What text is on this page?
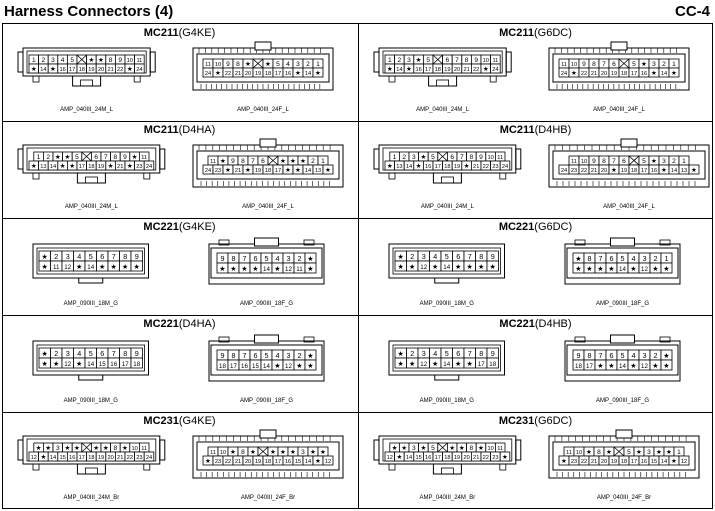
Harness Connectors (4)	CC-4
MC211(G4KE)
1 2 3 4 5 ★ ★ 8 9 10 11
★ 14 ★ 16 17 18 19 20 21 22 ★ 24
AMP_040III_24M_L
11 10 9 8 ★ ★ 5 4 3 2 1
24 ★ 22 21 20 19 18 17 16 ★ 14 ★
AMP_040III_24F_L
MC211(G6DC)
1 2 3 ★ 5 6 7 8 9 10 11
★ 14 ★ 16 17 18 19 20 21 22 ★ 24
AMP_040III_24M_L
11 10 9 8 7 6 5 ★ 3 2 1
24 ★ 22 21 20 19 18 17 16 ★ 14 ★
AMP_040III_24F_L
MC211(D4HA)
1 2 ★ ★ 5 6 7 8 9 ★ 11
★ 13 14 ★ ★ 17 18 19 ★ 21 ★ 23 24
AMP_040III_24M_L
11 ★ 9 8 7 6 ★ ★ ★ 2 1
24 23 ★ 21 ★ 19 18 17 ★ ★ 14 13 ★
AMP_040III_24F_L
MC211(D4HB)
1 2 3 ★ 5 6 7 8 9 10 11
★ 13 14 ★ 16 17 18 19 ★ 21 22 23 24
AMP_040III_24M_L
11 10 9 8 7 6 5 ★ 3 2 1
24 23 22 21 20 ★ 19 18 17 16 ★ 14 13 ★
AMP_040III_24F_L
MC221(G4KE)
★ 2 3 4 5 6 7 8 9
★ 11 12 ★ 14 ★ ★ ★ ★
AMP_090III_18M_G
9 8 7 6 5 4 3 2 ★
★ ★ ★ ★ 14 ★ 12 11 ★
AMP_090III_18F_G
MC221(G6DC)
★ 2 3 4 5 6 7 8 9
★ ★ 12 ★ 14 ★ ★ ★ ★
AMP_090III_18M_G
★ 8 7 6 5 4 3 2 1
★ ★ ★ ★ 14 ★ 12 ★ ★
AMP_090III_18F_G
MC221(D4HA)
★ 2 3 4 5 6 7 8 9
★ ★ 12 ★ 14 15 16 17 18
AMP_090III_18M_G
9 8 7 6 5 4 3 2 ★
18 17 16 15 14 ★ 12 ★ ★
AMP_090III_18F_G
MC221(D4HB)
★ 2 3 4 5 6 7 8 9
★ ★ 12 ★ 14 ★ ★ 17 18
AMP_090III_18M_G
9 8 7 6 5 4 3 2 ★
18 17 ★ ★ 14 ★ 12 ★ ★
AMP_090III_18F_G
MC231(G4KE)
★ ★ 3 ★ ★ ★ ★ 8 ★ 10 11
12 ★ 14 15 16 17 18 19 20 21 22 23 24
AMP_040III_24M_Br
11 10 ★ 8 ★ ★ ★ ★ 3 ★ ★
★ 23 22 21 20 19 18 17 16 15 14 ★ 12
AMP_040III_24F_Br
MC231(G6DC)
★ ★ 3 ★ 5 ★ ★ 8 ★ 10 11
12 ★ 14 15 16 17 18 19 20 21 22 23 ★
AMP_040III_24M_Br
11 10 ★ 8 ★ 5 ★ 3 ★ ★ 1
★ 23 22 21 20 19 18 17 16 15 14 ★ 12
AMP_040III_24F_Br
